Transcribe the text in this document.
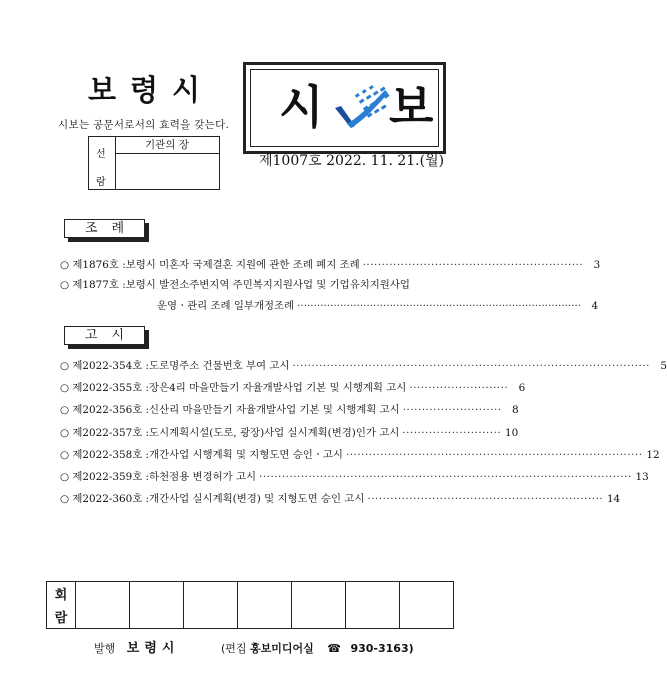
보령시
시보는 공문서로서의 효력을 갖는다.
선
람
기관의 장
시 보
제1007호 2022. 11. 21.(월)
조례
○ 제1876호 : 보령시 미혼자 국제결혼 지원에 관한 조례 폐지 조례 ·························································· 3
○ 제1877호 : 보령시 발전소주변지역 주민복지지원사업 및 기업유치지원사업
운영ㆍ관리 조례 일부개정조례 ······················································································ 4
고시
○ 제2022-354호 : 도로명주소 건물번호 부여 고시 ······························································································ 5
○ 제2022-355호 : 장은4리 마을만들기 자율개발사업 기본 및 시행계획 고시 ·························· 6
○ 제2022-356호 : 신산리 마을만들기 자율개발사업 기본 및 시행계획 고시 ·························· 8
○ 제2022-357호 : 도시계획시설(도로, 광장)사업 실시계획(변경)인가 고시 ·························· 10
○ 제2022-358호 : 개간사업 시행계획 및 지형도면 승인ㆍ고시 ·············································································· 12
○ 제2022-359호 : 하천점용 변경허가 고시 ·································································································· 13
○ 제2022-360호 : 개간사업 실시계획(변경) 및 지형도면 승인 고시 ······························································ 14
회
람
발행 보령시	(편집 홍보미디어실 ☎ 930-3163)
